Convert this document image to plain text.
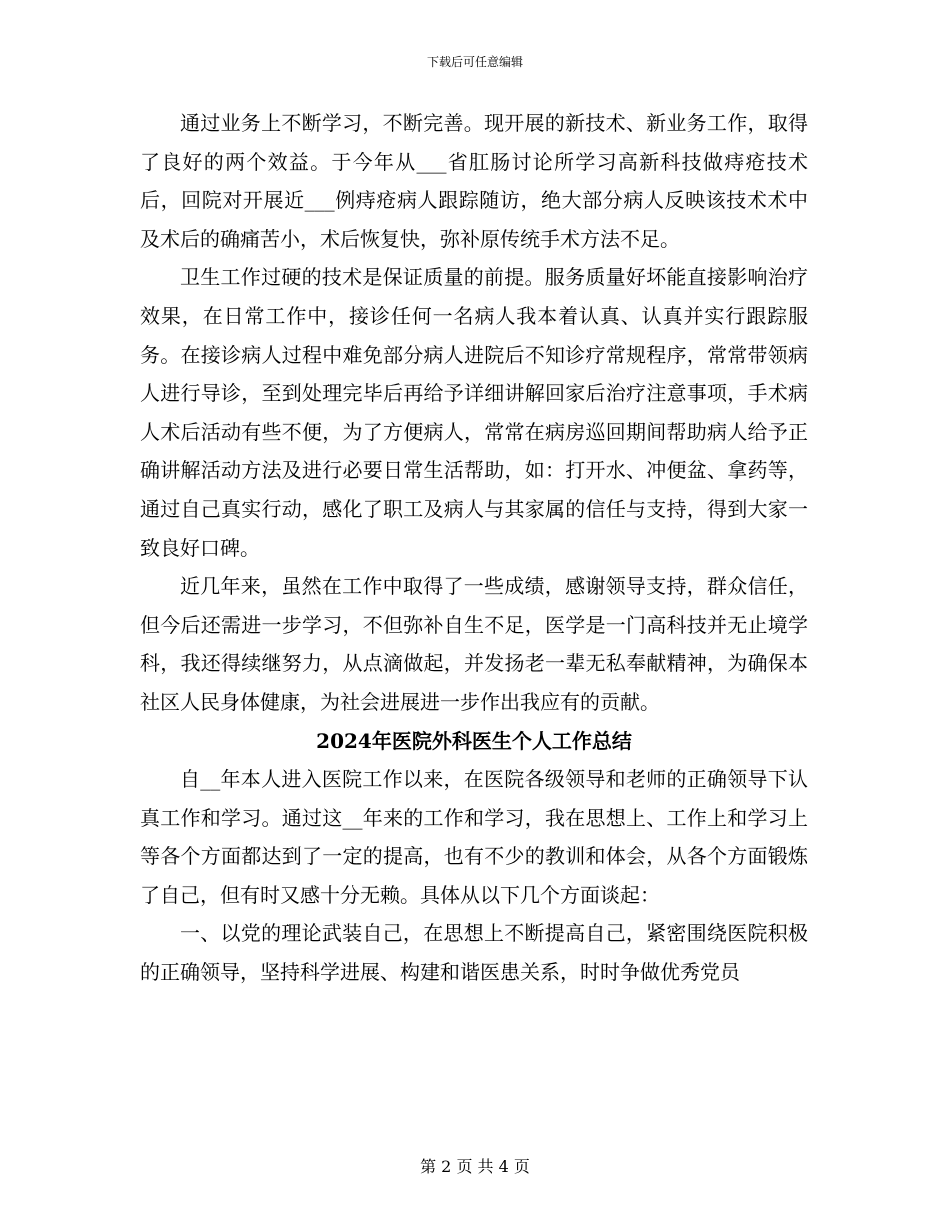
下载后可任意编辑

通过业务上不断学习，不断完善。现开展的新技术、新业务工作，取得了良好的两个效益。于今年从___省肛肠讨论所学习高新科技做痔疮技术后，回院对开展近___例痔疮病人跟踪随访，绝大部分病人反映该技术术中及术后的确痛苦小，术后恢复快，弥补原传统手术方法不足。

卫生工作过硬的技术是保证质量的前提。服务质量好坏能直接影响治疗效果，在日常工作中，接诊任何一名病人我本着认真、认真并实行跟踪服务。在接诊病人过程中难免部分病人进院后不知诊疗常规程序，常常带领病人进行导诊，至到处理完毕后再给予详细讲解回家后治疗注意事项，手术病人术后活动有些不便，为了方便病人，常常在病房巡回期间帮助病人给予正确讲解活动方法及进行必要日常生活帮助，如：打开水、冲便盆、拿药等，通过自己真实行动，感化了职工及病人与其家属的信任与支持，得到大家一致良好口碑。

近几年来，虽然在工作中取得了一些成绩，感谢领导支持，群众信任，但今后还需进一步学习，不但弥补自生不足，医学是一门高科技并无止境学科，我还得续继努力，从点滴做起，并发扬老一辈无私奉献精神，为确保本社区人民身体健康，为社会进展进一步作出我应有的贡献。

2024年医院外科医生个人工作总结

自__年本人进入医院工作以来，在医院各级领导和老师的正确领导下认真工作和学习。通过这__年来的工作和学习，我在思想上、工作上和学习上等各个方面都达到了一定的提高，也有不少的教训和体会，从各个方面锻炼了自己，但有时又感十分无赖。具体从以下几个方面谈起：

一、以党的理论武装自己，在思想上不断提高自己，紧密围绕医院积极的正确领导，坚持科学进展、构建和谐医患关系，时时争做优秀党员

第 2 页 共 4 页
